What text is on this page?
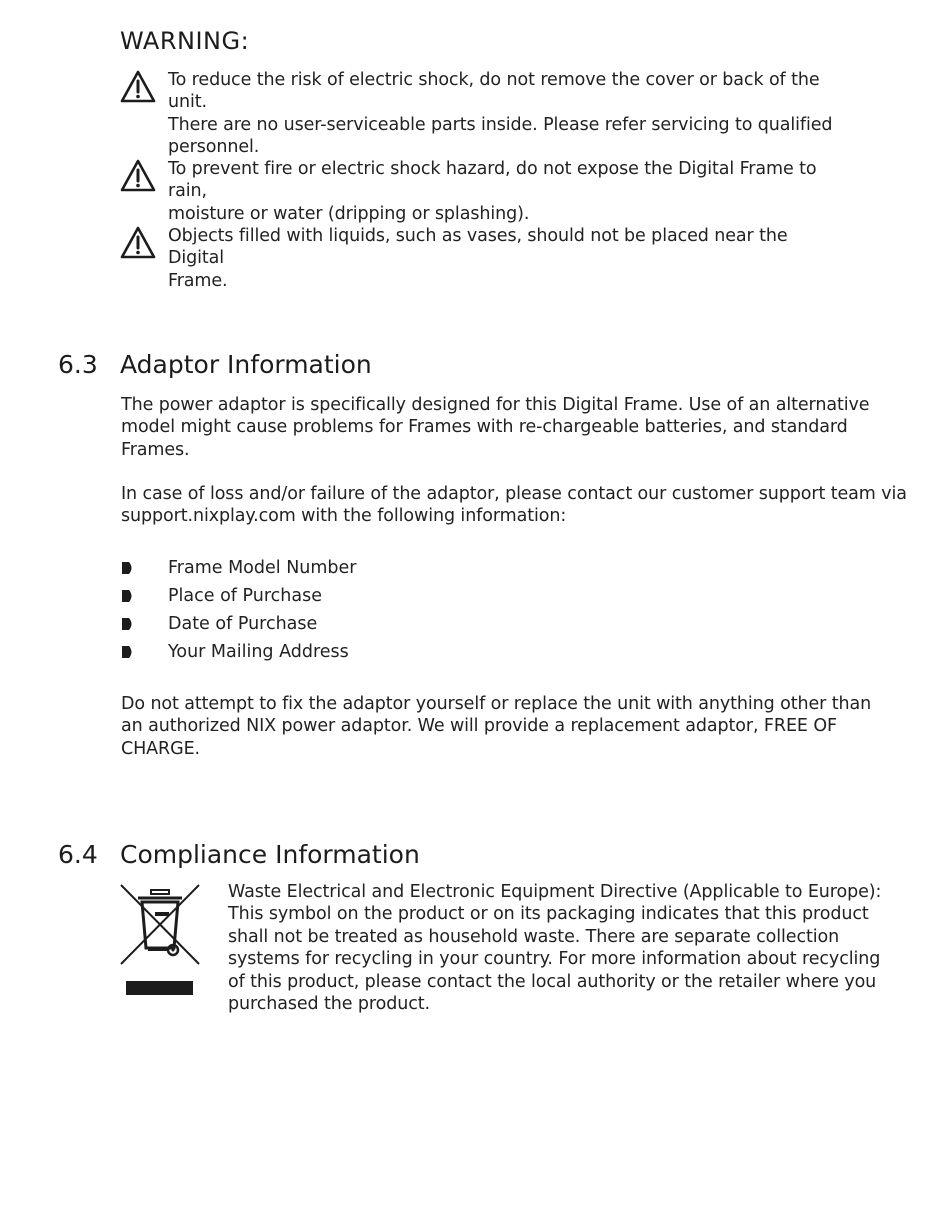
WARNING:
To reduce the risk of electric shock, do not remove the cover or back of the unit.
There are no user-serviceable parts inside. Please refer servicing to qualified
personnel.
To prevent fire or electric shock hazard, do not expose the Digital Frame to rain,
moisture or water (dripping or splashing).
Objects filled with liquids, such as vases, should not be placed near the Digital
Frame.
6.3 Adaptor Information
The power adaptor is specifically designed for this Digital Frame. Use of an alternative
model might cause problems for Frames with re-chargeable batteries, and standard
Frames.
In case of loss and/or failure of the adaptor, please contact our customer support team via
support.nixplay.com with the following information:
Frame Model Number
Place of Purchase
Date of Purchase
Your Mailing Address
Do not attempt to fix the adaptor yourself or replace the unit with anything other than
an authorized NIX power adaptor. We will provide a replacement adaptor, FREE OF
CHARGE.
6.4 Compliance Information
Waste Electrical and Electronic Equipment Directive (Applicable to Europe):
This symbol on the product or on its packaging indicates that this product
shall not be treated as household waste. There are separate collection
systems for recycling in your country. For more information about recycling
of this product, please contact the local authority or the retailer where you
purchased the product.
